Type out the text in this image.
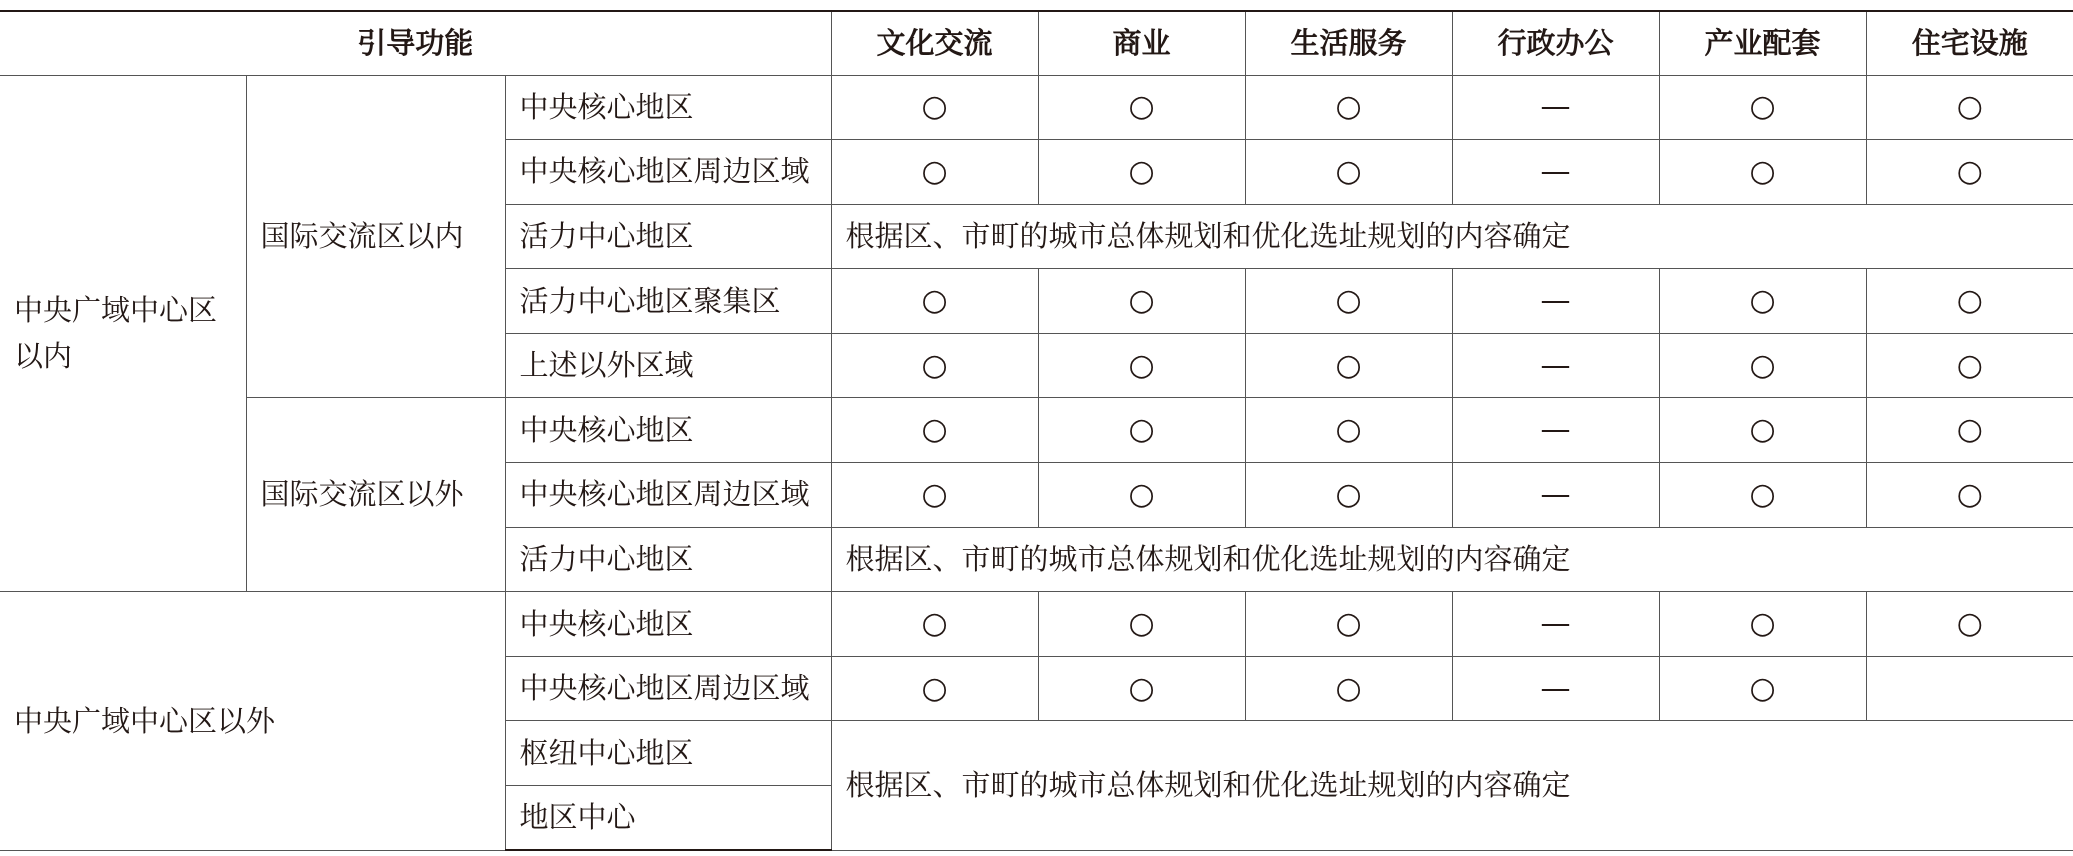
引导功能			文化交流	商业	生活服务	行政办公	产业配套	住宅设施
中央广域中心区以内	国际交流区以内	中央核心地区	○	○	○	—	○	○
		中央核心地区周边区域	○	○	○	—	○	○
		活力中心地区	根据区、市町的城市总体规划和优化选址规划的内容确定					
		活力中心地区聚集区	○	○	○	—	○	○
		上述以外区域	○	○	○	—	○	○
	国际交流区以外	中央核心地区	○	○	○	—	○	○
		中央核心地区周边区域	○	○	○	—	○	○
		活力中心地区	根据区、市町的城市总体规划和优化选址规划的内容确定					
中央广域中心区以外		中央核心地区	○	○	○	—	○	○
		中央核心地区周边区域	○	○	○	—	○	
		枢纽中心地区	根据区、市町的城市总体规划和优化选址规划的内容确定					
		地区中心						
